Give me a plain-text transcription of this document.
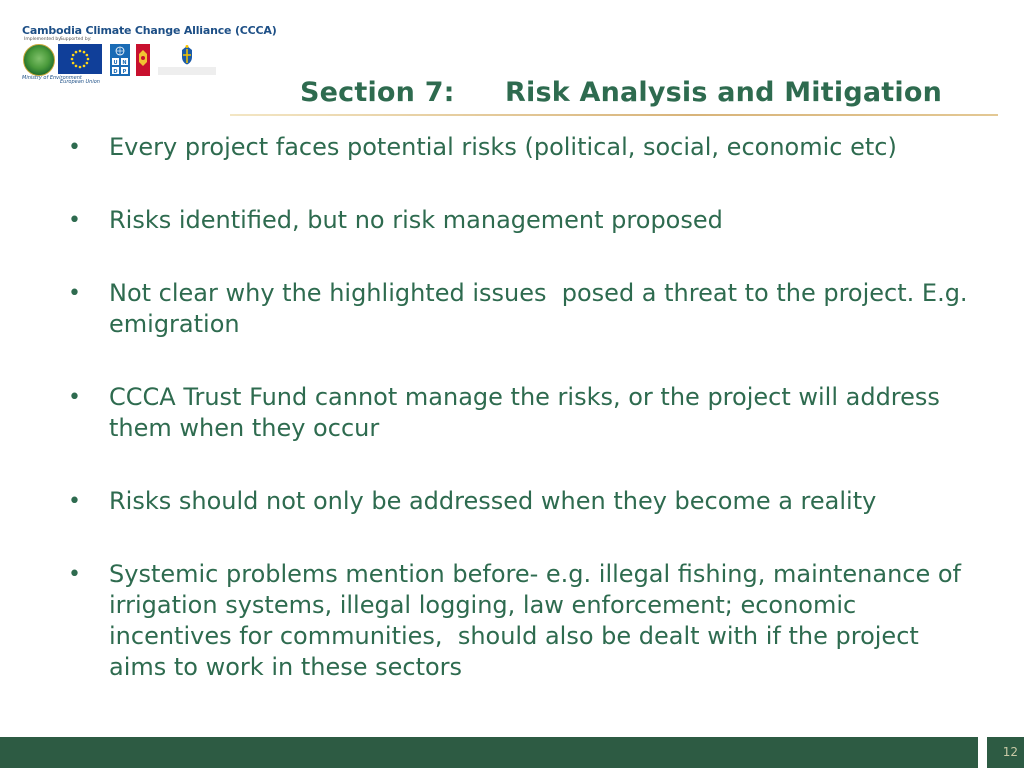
Cambodia Climate Change Alliance (CCCA)
Implemented by:
Supported by:
U N
D P
Ministry of Environment
European Union	Section 7: Risk Analysis and Mitigation
• Every project faces potential risks (political, social, economic etc)
• Risks identified, but no risk management proposed
• Not clear why the highlighted issues  posed a threat to the project. E.g. emigration
• CCCA Trust Fund cannot manage the risks, or the project will address them when they occur
• Risks should not only be addressed when they become a reality
• Systemic problems mention before- e.g. illegal fishing, maintenance of irrigation systems, illegal logging, law enforcement; economic incentives for communities,  should also be dealt with if the project aims to work in these sectors
12
